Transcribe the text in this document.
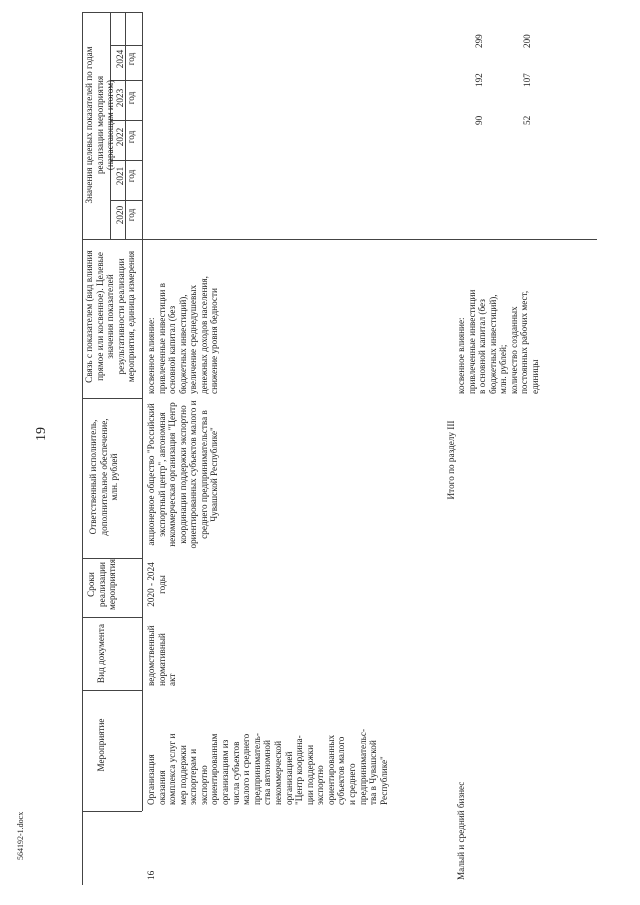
19
Мероприятие
Вид документа
Сроки
реализации
мероприятия
Ответственный исполнитель,
дополнительное обеспечение,
млн. рублей
Связь с показателем (вид влияния
прямое или косвенное). Целевые
значения показателей
результативности реализации
мероприятия, единица измерения
Значения целевых показателей по годам
реализации мероприятия
(нарастающим итогом)
2020
год
2021
год
2022
год
2023
год
2024
год
16
Организация
оказания
комплекса услуг и
мер поддержки
экспортерам и
экспортно
ориентированным
организациям из
числа субъектов
малого и среднего
предприниматель-
ства автономной
некоммерческой
организацией
"Центр координа-
ции поддержки
экспортно
ориентированных
субъектов малого
и среднего
предпринимательс-
тва в Чувашской
Республике"
ведомственный
нормативный
акт
2020 - 2024
годы
акционерное общество "Российский
экспортный центр", автономная
некоммерческая организация "Центр
координации поддержки экспортно
ориентированных субъектов малого и
среднего предпринимательства в
Чувашской Республике"
косвенное влияние:
привлеченные инвестиции в
основной капитал (без
бюджетных инвестиций),
увеличение среднедушевых
денежных доходов населения,
снижение уровня бедности
Итого по разделу III
Малый и средний бизнес
косвенное влияние:
привлеченные инвестиции
в основной капитал (без
бюджетных инвестиций),
млн. рублей;
количество созданных
постоянных рабочих мест,
единицы
90
192
299
52
107
200
564192-1.docx
